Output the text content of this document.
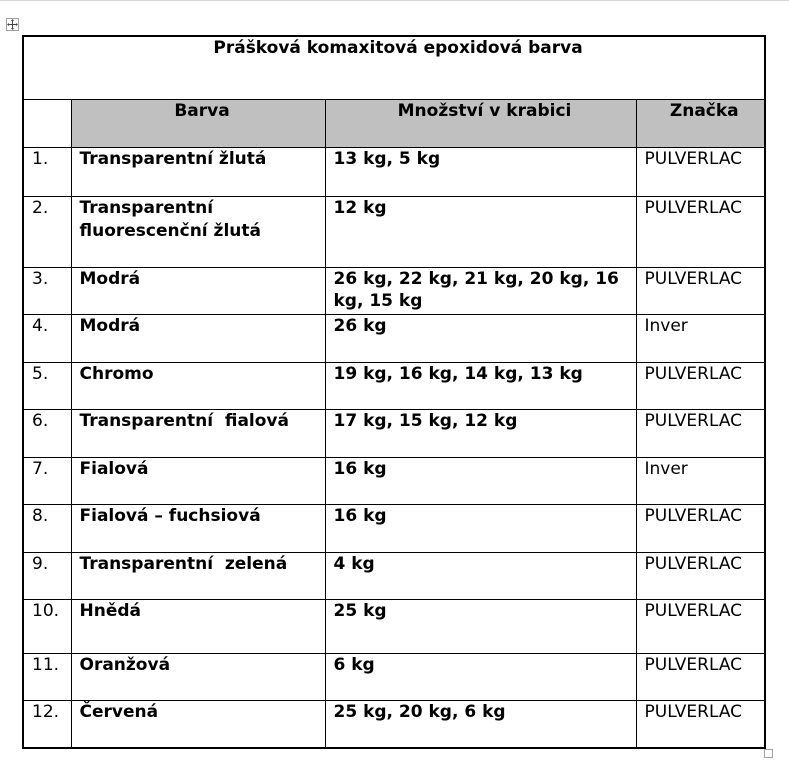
Prášková komaxitová epoxidová barva			
	Barva	Množství v krabici	Značka
1.	Transparentní žlutá	13 kg, 5 kg	PULVERLAC
2.	Transparentní fluorescenční žlutá	12 kg	PULVERLAC
3.	Modrá	26 kg, 22 kg, 21 kg, 20 kg, 16 kg, 15 kg	PULVERLAC
4.	Modrá	26 kg	Inver
5.	Chromo	19 kg, 16 kg, 14 kg, 13 kg	PULVERLAC
6.	Transparentní  fialová	17 kg, 15 kg, 12 kg	PULVERLAC
7.	Fialová	16 kg	Inver
8.	Fialová – fuchsiová	16 kg	PULVERLAC
9.	Transparentní  zelená	4 kg	PULVERLAC
10.	Hnědá	25 kg	PULVERLAC
11.	Oranžová	6 kg	PULVERLAC
12.	Červená	25 kg, 20 kg, 6 kg	PULVERLAC
